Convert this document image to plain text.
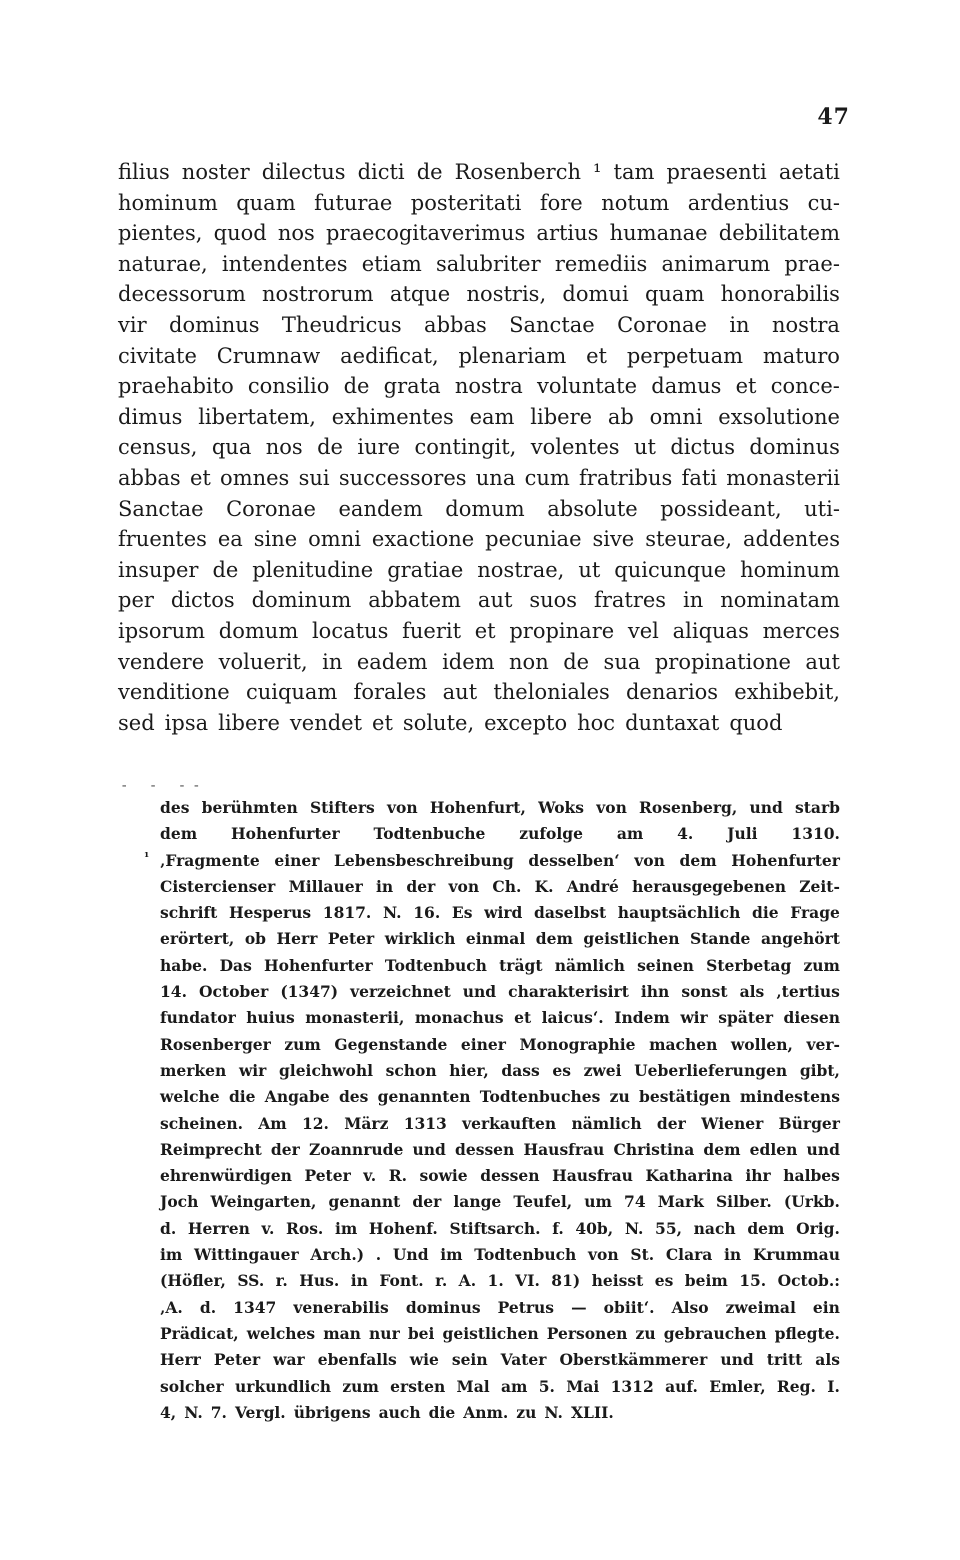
47
filius noster dilectus dicti de Rosenberch ¹ tam praesenti aetati
hominum quam futurae posteritati fore notum ardentius cu-
pientes, quod nos praecogitaverimus artius humanae debilitatem
naturae, intendentes etiam salubriter remediis animarum prae-
decessorum nostrorum atque nostris, domui quam honorabilis
vir dominus Theudricus abbas Sanctae Coronae in nostra
civitate Crumnaw aedificat, plenariam et perpetuam maturo
praehabito consilio de grata nostra voluntate damus et conce-
dimus libertatem, exhimentes eam libere ab omni exsolutione
census, qua nos de iure contingit, volentes ut dictus dominus
abbas et omnes sui successores una cum fratribus fati monasterii
Sanctae Coronae eandem domum absolute possideant, uti-
fruentes ea sine omni exactione pecuniae sive steurae, addentes
insuper de plenitudine gratiae nostrae, ut quicunque hominum
per dictos dominum abbatem aut suos fratres in nominatam
ipsorum domum locatus fuerit et propinare vel aliquas merces
vendere voluerit, in eadem idem non de sua propinatione aut
venditione cuiquam forales aut theloniales denarios exhibebit,
sed ipsa libere vendet et solute, excepto hoc duntaxat quod
- - --
des berühmten Stifters von Hohenfurt, Woks von Rosenberg, und starb
dem Hohenfurter Todtenbuche zufolge am 4. Juli 1310.
‚Fragmente einer Lebensbeschreibung desselben‘ von dem Hohenfurter
¹
Cistercienser Millauer in der von Ch. K. André herausgegebenen Zeit-
schrift Hesperus 1817. N. 16. Es wird daselbst hauptsächlich die Frage
erörtert, ob Herr Peter wirklich einmal dem geistlichen Stande angehört
habe. Das Hohenfurter Todtenbuch trägt nämlich seinen Sterbetag zum
14. October (1347) verzeichnet und charakterisirt ihn sonst als ‚tertius
fundator huius monasterii, monachus et laicus‘. Indem wir später diesen
Rosenberger zum Gegenstande einer Monographie machen wollen, ver-
merken wir gleichwohl schon hier, dass es zwei Ueberlieferungen gibt,
welche die Angabe des genannten Todtenbuches zu bestätigen mindestens
scheinen. Am 12. März 1313 verkauften nämlich der Wiener Bürger
Reimprecht der Zoannrude und dessen Hausfrau Christina dem edlen und
ehrenwürdigen Peter v. R. sowie dessen Hausfrau Katharina ihr halbes
Joch Weingarten, genannt der lange Teufel, um 74 Mark Silber. (Urkb.
d. Herren v. Ros. im Hohenf. Stiftsarch. f. 40b, N. 55, nach dem Orig.
im Wittingauer Arch.) . Und im Todtenbuch von St. Clara in Krummau
(Höfler, SS. r. Hus. in Font. r. A. 1. VI. 81) heisst es beim 15. Octob.:
‚A. d. 1347 venerabilis dominus Petrus — obiit‘. Also zweimal ein
Prädicat, welches man nur bei geistlichen Personen zu gebrauchen pflegte.
Herr Peter war ebenfalls wie sein Vater Oberstkämmerer und tritt als
solcher urkundlich zum ersten Mal am 5. Mai 1312 auf. Emler, Reg. I.
4, N. 7. Vergl. übrigens auch die Anm. zu N. XLII.
